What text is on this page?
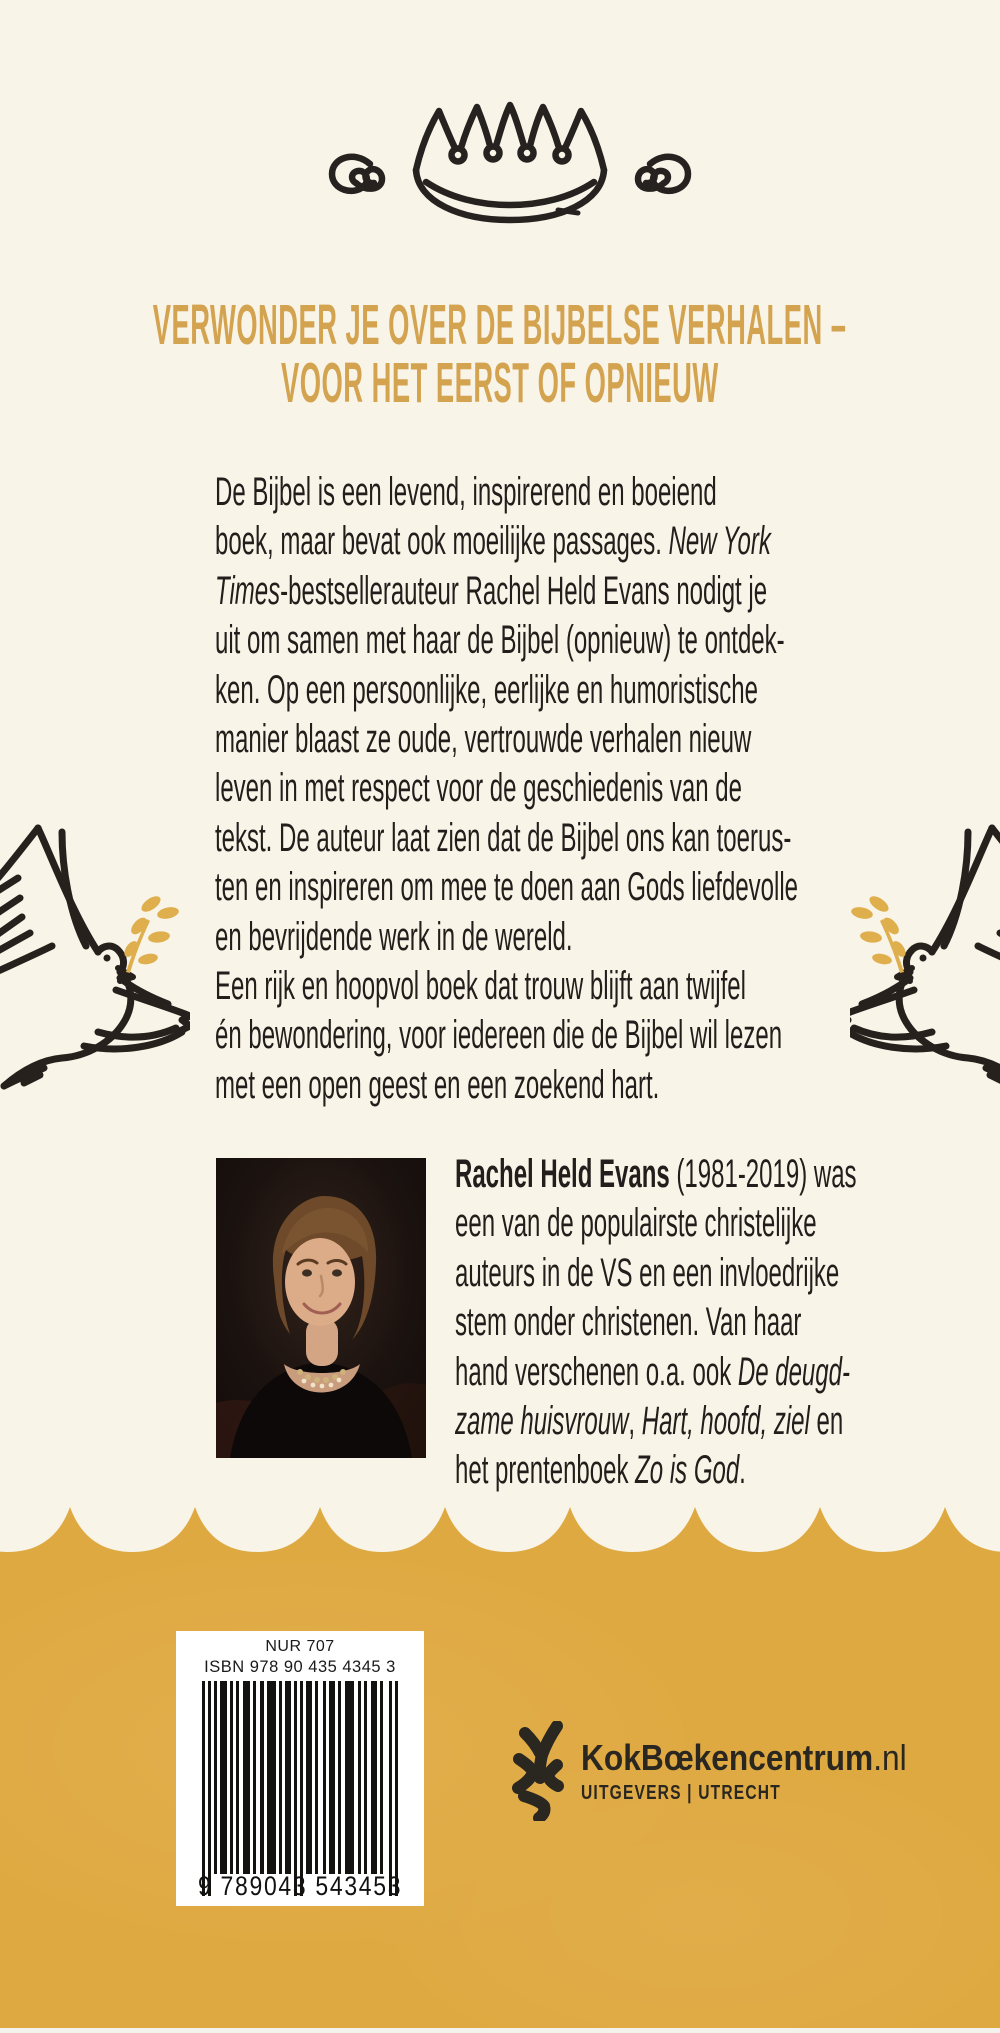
VERWONDER JE OVER DE BIJBELSE VERHALEN –
VOOR HET EERST OF OPNIEUW
De Bijbel is een levend, inspirerend en boeiend
boek, maar bevat ook moeilijke passages. New York
Times-bestsellerauteur Rachel Held Evans nodigt je
uit om samen met haar de Bijbel (opnieuw) te ontdek-
ken. Op een persoonlijke, eerlijke en humoristische
manier blaast ze oude, vertrouwde verhalen nieuw
leven in met respect voor de geschiedenis van de
tekst. De auteur laat zien dat de Bijbel ons kan toerus-
ten en inspireren om mee te doen aan Gods liefdevolle
en bevrijdende werk in de wereld.
Een rijk en hoopvol boek dat trouw blijft aan twijfel
én bewondering, voor iedereen die de Bijbel wil lezen
met een open geest en een zoekend hart.
Rachel Held Evans (1981-2019) was
een van de populairste christelijke
auteurs in de VS en een invloedrijke
stem onder christenen. Van haar
hand verschenen o.a. ook De deugd-
zame huisvrouw, Hart, hoofd, ziel en
het prentenboek Zo is God.
NUR 707
ISBN 978 90 435 4345 3
9 789043 543453
KokBœkencentrum.nl
UITGEVERS | UTRECHT
